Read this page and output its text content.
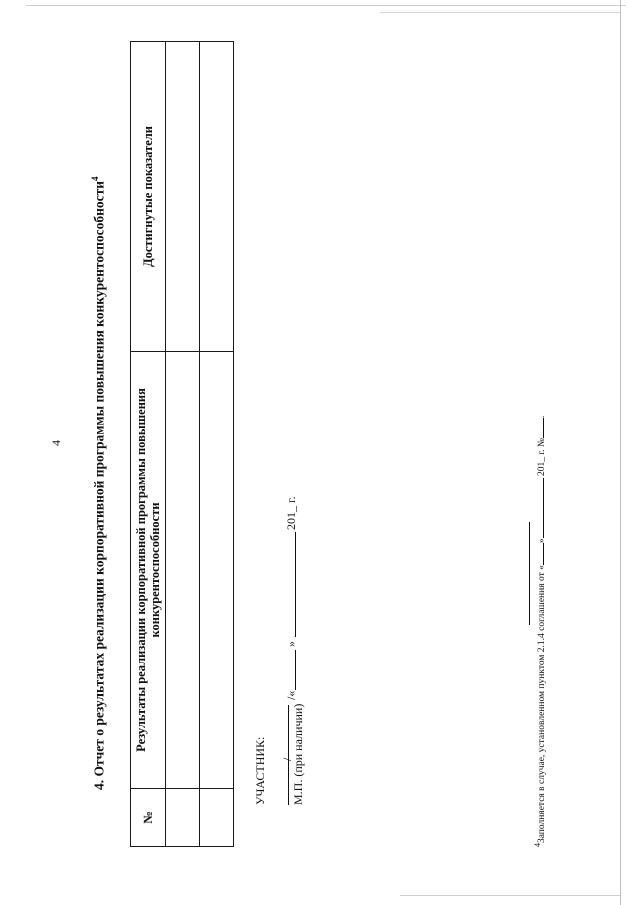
4 4. Отчет о результатах реализации корпоративной программы повышения конкурентоспособности$^4$
№	Результаты реализации корпоративной программы повышения конкурентоспособности	Достигнутые показатели

УЧАСТНИК: /
М.П. (при наличии)
/«
»
201_ г.
$^4$Заполняется в случае, установленном пунктом 2.1.4 соглашения от «» 201_ г. №.
